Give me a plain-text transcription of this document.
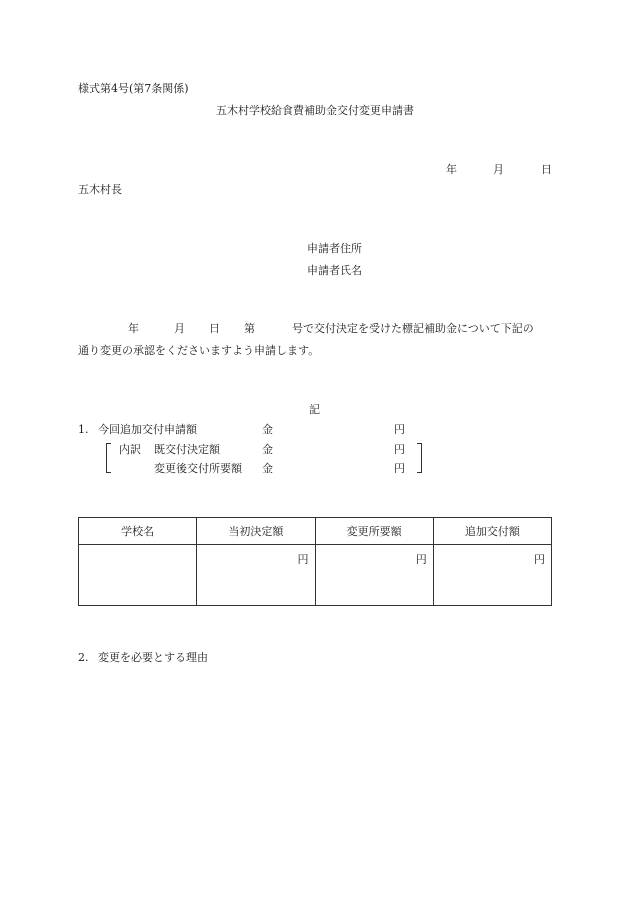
様式第4号(第7条関係)
五木村学校給食費補助金交付変更申請書
年	月	日
五木村長
申請者住所
申請者氏名
年	月 日 第	号で交付決定を受けた標記補助金について下記の
通り変更の承認をくださいますよう申請します。
記
1. 今回追加交付申請額	金	円
内訳 既交付決定額	金	円
変更後交付所要額 金	円
学校名	当初決定額	変更所要額	追加交付額
	円	円	円
2. 変更を必要とする理由
